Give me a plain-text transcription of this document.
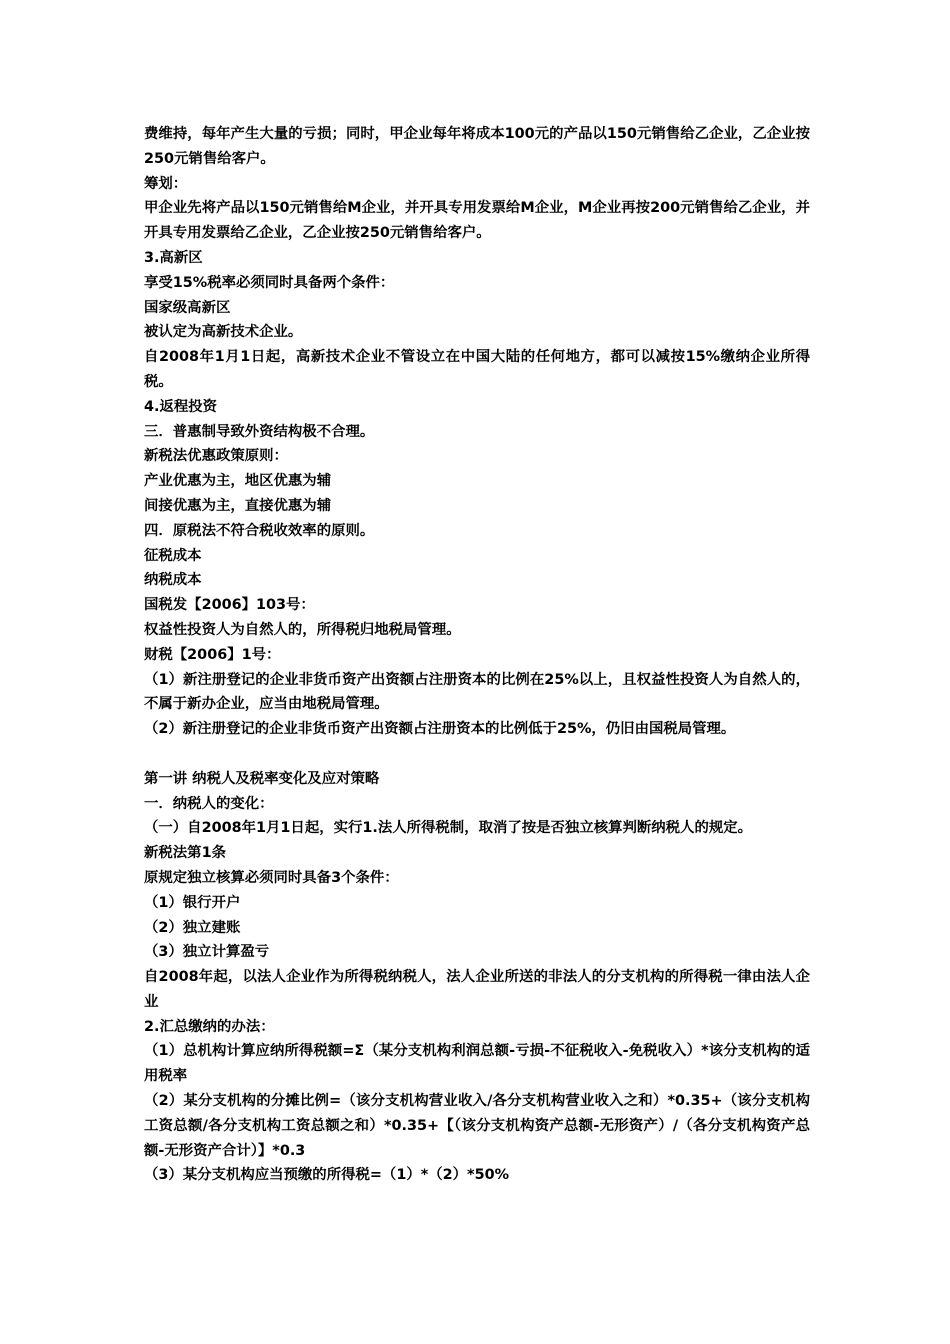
费维持，每年产生大量的亏损；同时，甲企业每年将成本100元的产品以150元销售给乙企业，乙企业按250元销售给客户。

筹划：

甲企业先将产品以150元销售给M企业，并开具专用发票给M企业，M企业再按200元销售给乙企业，并开具专用发票给乙企业，乙企业按250元销售给客户。

3.高新区

享受15%税率必须同时具备两个条件：

国家级高新区

被认定为高新技术企业。

自2008年1月1日起，高新技术企业不管设立在中国大陆的任何地方，都可以减按15%缴纳企业所得税。

4.返程投资

三．普惠制导致外资结构极不合理。

新税法优惠政策原则：

产业优惠为主，地区优惠为辅

间接优惠为主，直接优惠为辅

四．原税法不符合税收效率的原则。

征税成本

纳税成本

国税发【2006】103号：

权益性投资人为自然人的，所得税归地税局管理。

财税【2006】1号：

（1）新注册登记的企业非货币资产出资额占注册资本的比例在25%以上，且权益性投资人为自然人的，不属于新办企业，应当由地税局管理。

（2）新注册登记的企业非货币资产出资额占注册资本的比例低于25%，仍旧由国税局管理。

第一讲 纳税人及税率变化及应对策略

一．纳税人的变化：

（一）自2008年1月1日起，实行1.法人所得税制，取消了按是否独立核算判断纳税人的规定。

新税法第1条

原规定独立核算必须同时具备3个条件：

（1）银行开户

（2）独立建账

（3）独立计算盈亏

自2008年起，以法人企业作为所得税纳税人，法人企业所送的非法人的分支机构的所得税一律由法人企业

2.汇总缴纳的办法：

（1）总机构计算应纳所得税额=Σ（某分支机构利润总额-亏损-不征税收入-免税收入）*该分支机构的适用税率

（2）某分支机构的分摊比例=（该分支机构营业收入/各分支机构营业收入之和）*0.35+（该分支机构工资总额/各分支机构工资总额之和）*0.35+【（该分支机构资产总额-无形资产）/（各分支机构资产总额-无形资产合计）】*0.3

（3）某分支机构应当预缴的所得税=（1）*（2）*50%
